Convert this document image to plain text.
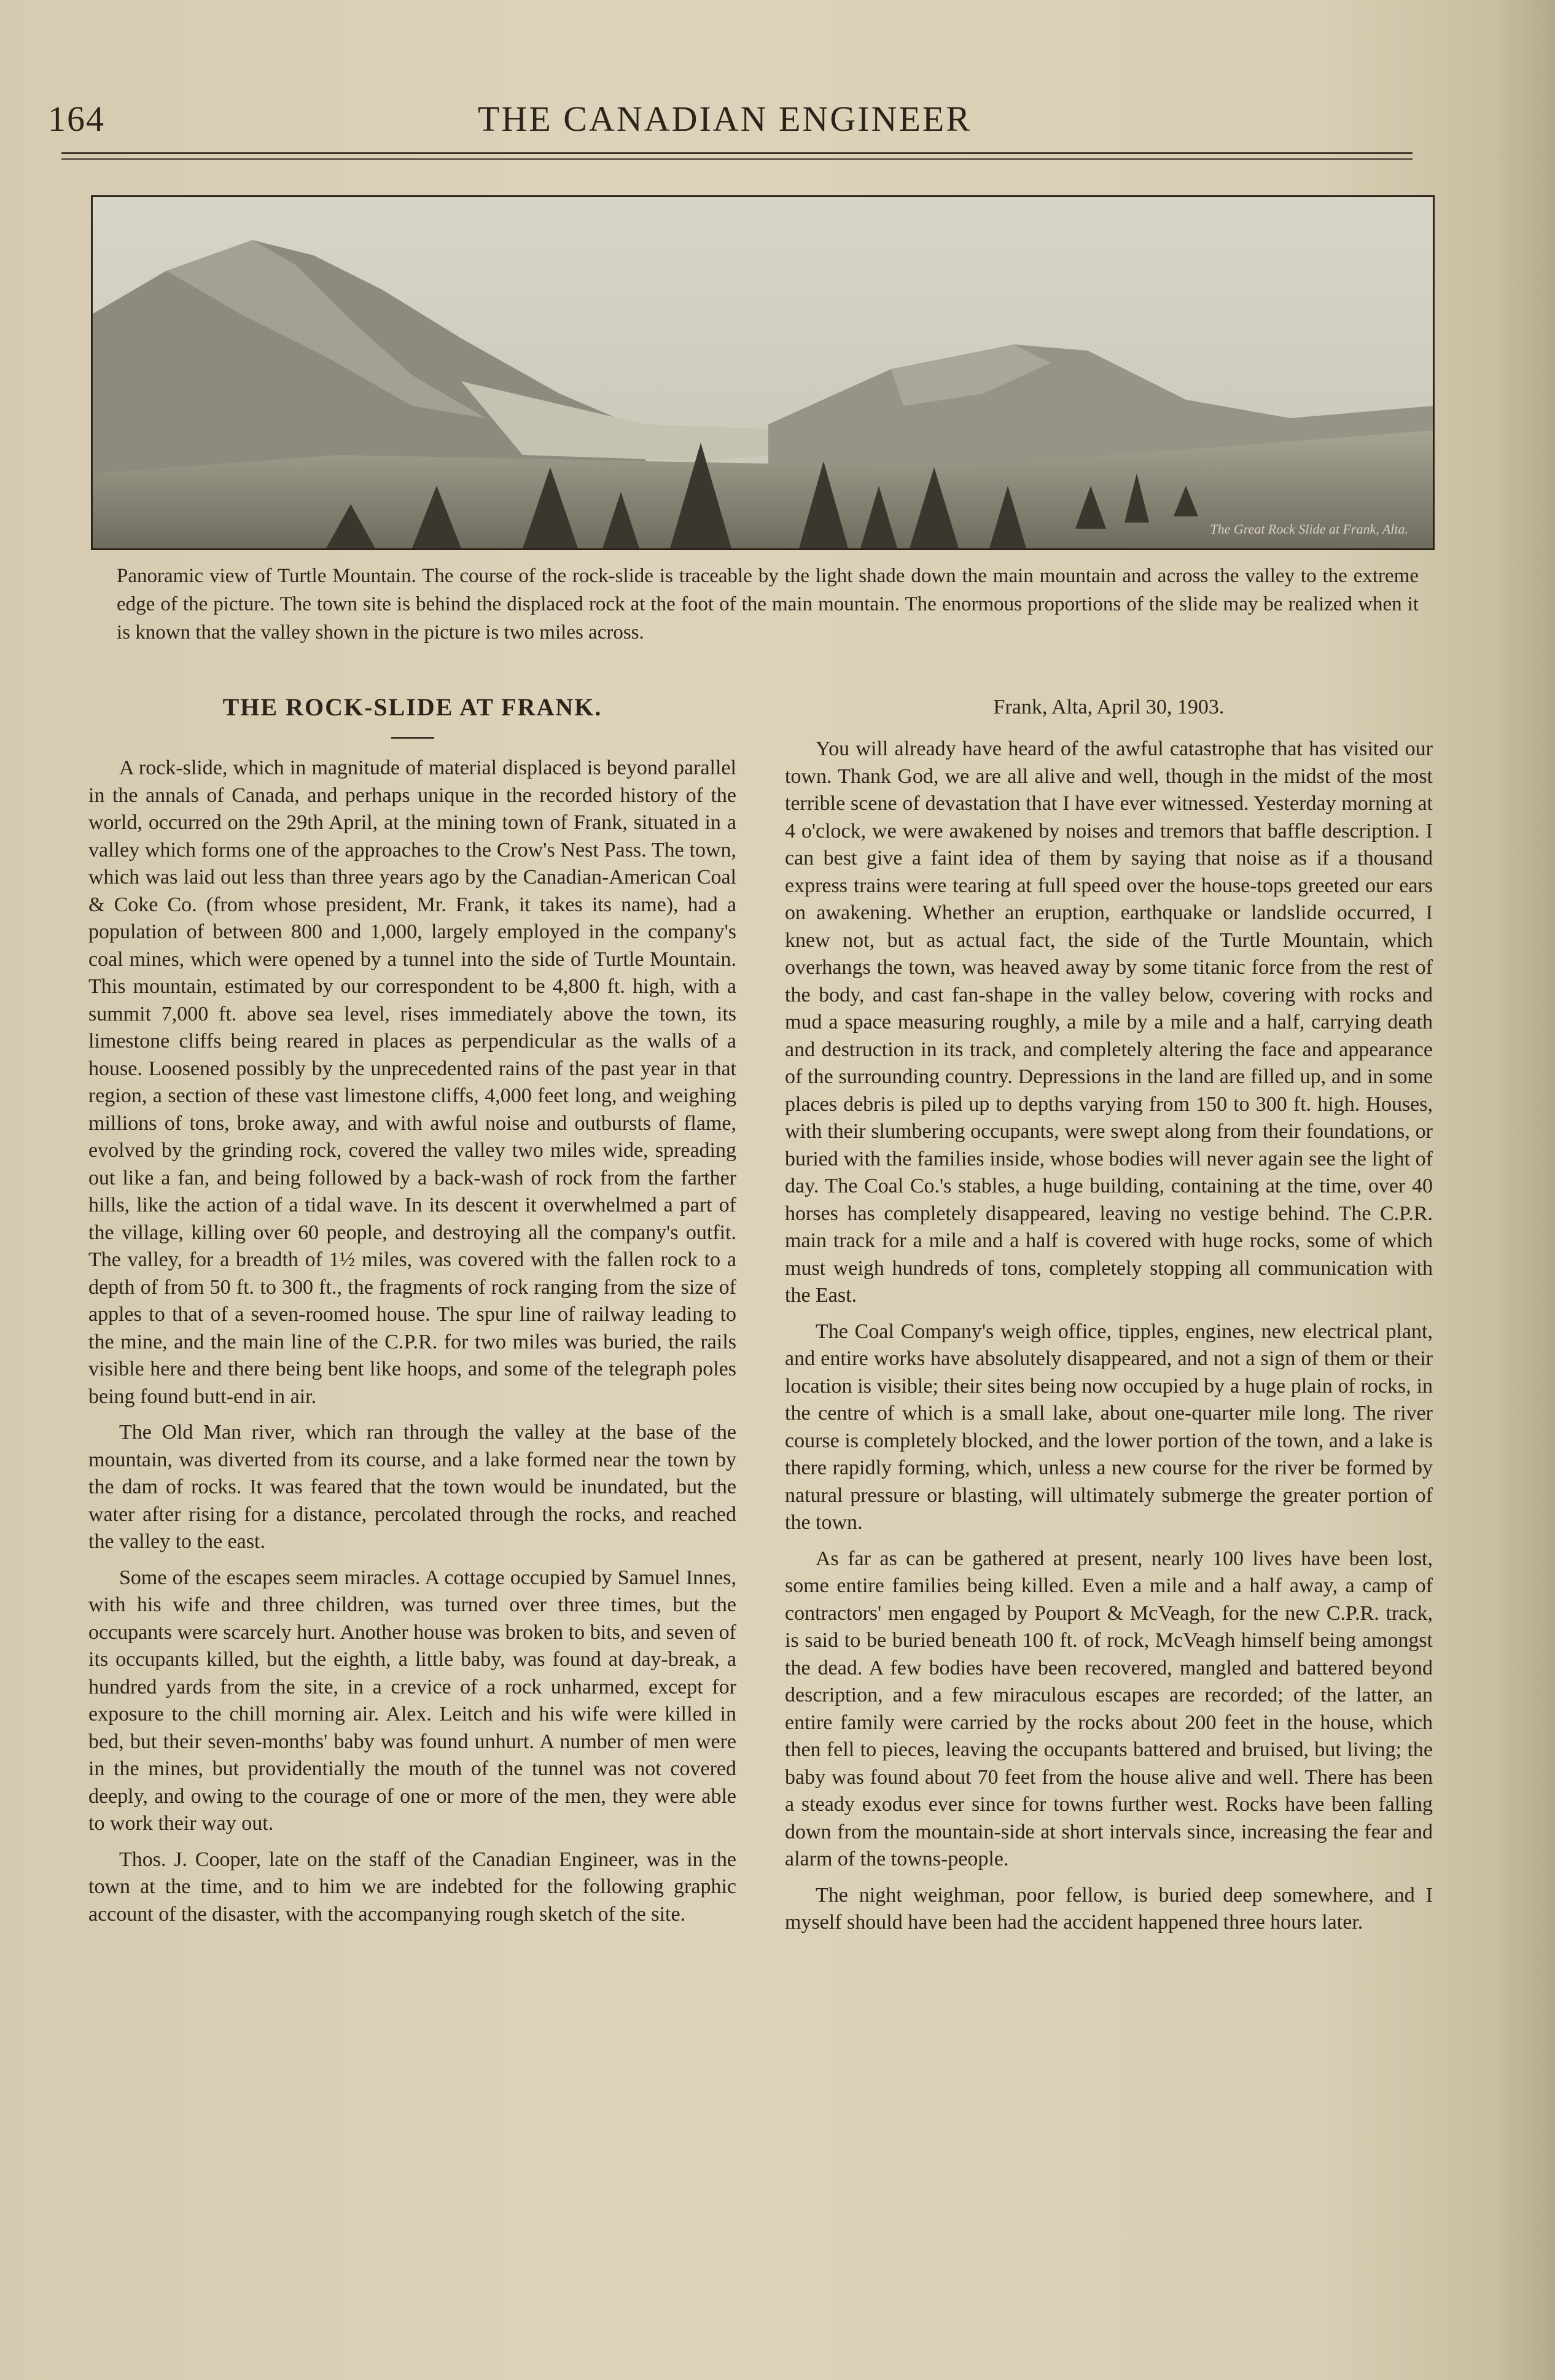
164	THE CANADIAN ENGINEER
The Great Rock Slide at Frank, Alta.
Panoramic view of Turtle Mountain. The course of the rock-slide is traceable by the light shade down the main mountain and across the valley to the extreme edge of the picture. The town site is behind the displaced rock at the foot of the main mountain. The enormous proportions of the slide may be realized when it is known that the valley shown in the picture is two miles across.
THE ROCK-SLIDE AT FRANK.

A rock-slide, which in magnitude of material displaced is beyond parallel in the annals of Canada, and perhaps unique in the recorded history of the world, occurred on the 29th April, at the mining town of Frank, situated in a valley which forms one of the approaches to the Crow's Nest Pass. The town, which was laid out less than three years ago by the Canadian-American Coal & Coke Co. (from whose president, Mr. Frank, it takes its name), had a population of between 800 and 1,000, largely employed in the company's coal mines, which were opened by a tunnel into the side of Turtle Mountain. This mountain, estimated by our correspondent to be 4,800 ft. high, with a summit 7,000 ft. above sea level, rises immediately above the town, its limestone cliffs being reared in places as perpendicular as the walls of a house. Loosened possibly by the unprecedented rains of the past year in that region, a section of these vast limestone cliffs, 4,000 feet long, and weighing millions of tons, broke away, and with awful noise and outbursts of flame, evolved by the grinding rock, covered the valley two miles wide, spreading out like a fan, and being followed by a back-wash of rock from the farther hills, like the action of a tidal wave. In its descent it overwhelmed a part of the village, killing over 60 people, and destroying all the company's outfit. The valley, for a breadth of 1½ miles, was covered with the fallen rock to a depth of from 50 ft. to 300 ft., the fragments of rock ranging from the size of apples to that of a seven-roomed house. The spur line of railway leading to the mine, and the main line of the C.P.R. for two miles was buried, the rails visible here and there being bent like hoops, and some of the telegraph poles being found butt-end in air.

The Old Man river, which ran through the valley at the base of the mountain, was diverted from its course, and a lake formed near the town by the dam of rocks. It was feared that the town would be inundated, but the water after rising for a distance, percolated through the rocks, and reached the valley to the east.

Some of the escapes seem miracles. A cottage occupied by Samuel Innes, with his wife and three children, was turned over three times, but the occupants were scarcely hurt. Another house was broken to bits, and seven of its occupants killed, but the eighth, a little baby, was found at day-break, a hundred yards from the site, in a crevice of a rock unharmed, except for exposure to the chill morning air. Alex. Leitch and his wife were killed in bed, but their seven-months' baby was found unhurt. A number of men were in the mines, but providentially the mouth of the tunnel was not covered deeply, and owing to the courage of one or more of the men, they were able to work their way out.

Thos. J. Cooper, late on the staff of the Canadian Engineer, was in the town at the time, and to him we are indebted for the following graphic account of the disaster, with the accompanying rough sketch of the site.

Frank, Alta, April 30, 1903.

You will already have heard of the awful catastrophe that has visited our town. Thank God, we are all alive and well, though in the midst of the most terrible scene of devastation that I have ever witnessed. Yesterday morning at 4 o'clock, we were awakened by noises and tremors that baffle description. I can best give a faint idea of them by saying that noise as if a thousand express trains were tearing at full speed over the house-tops greeted our ears on awakening. Whether an eruption, earthquake or landslide occurred, I knew not, but as actual fact, the side of the Turtle Mountain, which overhangs the town, was heaved away by some titanic force from the rest of the body, and cast fan-shape in the valley below, covering with rocks and mud a space measuring roughly, a mile by a mile and a half, carrying death and destruction in its track, and completely altering the face and appearance of the surrounding country. Depressions in the land are filled up, and in some places debris is piled up to depths varying from 150 to 300 ft. high. Houses, with their slumbering occupants, were swept along from their foundations, or buried with the families inside, whose bodies will never again see the light of day. The Coal Co.'s stables, a huge building, containing at the time, over 40 horses has completely disappeared, leaving no vestige behind. The C.P.R. main track for a mile and a half is covered with huge rocks, some of which must weigh hundreds of tons, completely stopping all communication with the East.

The Coal Company's weigh office, tipples, engines, new electrical plant, and entire works have absolutely disappeared, and not a sign of them or their location is visible; their sites being now occupied by a huge plain of rocks, in the centre of which is a small lake, about one-quarter mile long. The river course is completely blocked, and the lower portion of the town, and a lake is there rapidly forming, which, unless a new course for the river be formed by natural pressure or blasting, will ultimately submerge the greater portion of the town.

As far as can be gathered at present, nearly 100 lives have been lost, some entire families being killed. Even a mile and a half away, a camp of contractors' men engaged by Pouport & McVeagh, for the new C.P.R. track, is said to be buried beneath 100 ft. of rock, McVeagh himself being amongst the dead. A few bodies have been recovered, mangled and battered beyond description, and a few miraculous escapes are recorded; of the latter, an entire family were carried by the rocks about 200 feet in the house, which then fell to pieces, leaving the occupants battered and bruised, but living; the baby was found about 70 feet from the house alive and well. There has been a steady exodus ever since for towns further west. Rocks have been falling down from the mountain-side at short intervals since, increasing the fear and alarm of the towns-people.

The night weighman, poor fellow, is buried deep somewhere, and I myself should have been had the accident happened three hours later.
